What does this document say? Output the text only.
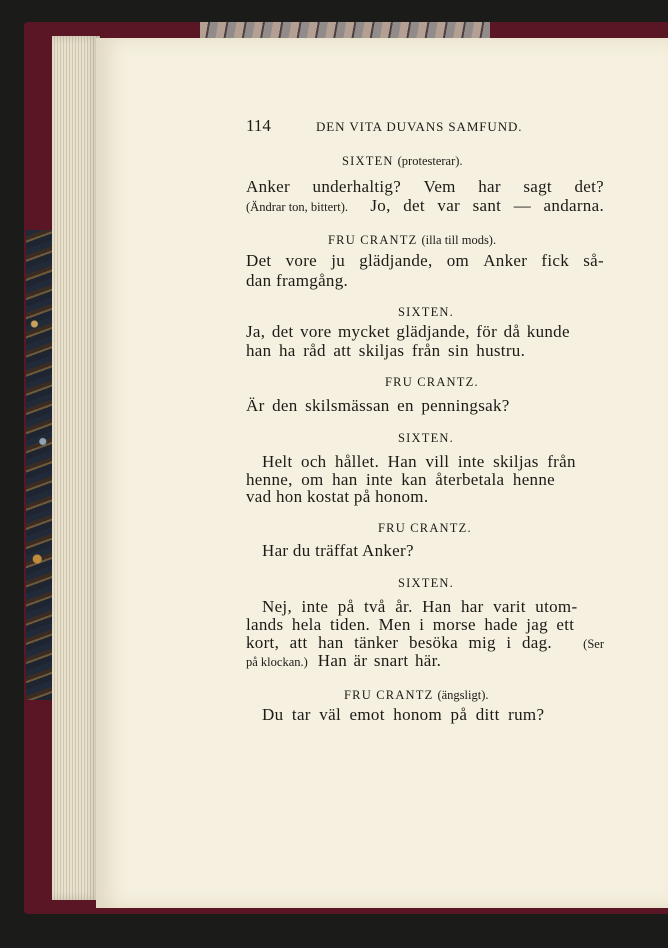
114	DEN VITA DUVANS SAMFUND.
SIXTEN (protesterar).
Anker underhaltig? Vem har sagt det?
(Ändrar ton, bittert). Jo, det var sant — andarna.
FRU CRANTZ (illa till mods).
Det vore ju glädjande, om Anker fick så-
dan framgång.
SIXTEN.
Ja, det vore mycket glädjande, för då kunde
han ha råd att skiljas från sin hustru.
FRU CRANTZ.
Är den skilsmässan en penningsak?
SIXTEN.
Helt och hållet. Han vill inte skiljas från
henne, om han inte kan återbetala henne
vad hon kostat på honom.
FRU CRANTZ.
Har du träffat Anker?
SIXTEN.
Nej, inte på två år. Han har varit utom-
lands hela tiden. Men i morse hade jag ett
kort, att han tänker besöka mig i dag. (Ser
på klockan.) Han är snart här.
FRU CRANTZ (ängsligt).
Du tar väl emot honom på ditt rum?
